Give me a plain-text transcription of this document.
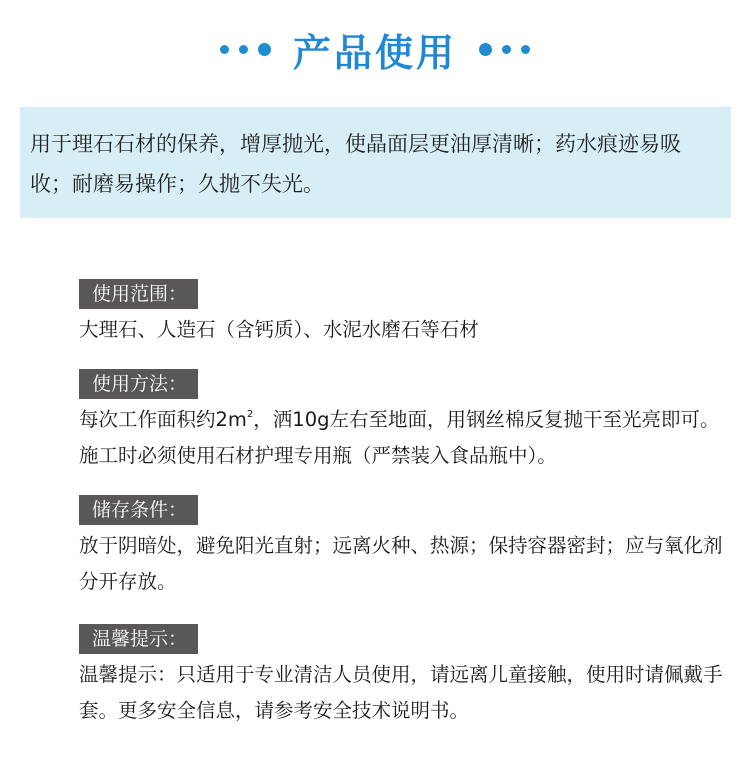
产品使用
用于理石石材的保养，增厚抛光，使晶面层更油厚清晰；药水痕迹易吸收；耐磨易操作；久抛不失光。
使用范围：
大理石、人造石（含钙质）、水泥水磨石等石材
使用方法：
每次工作面积约$2m^2$，洒10g左右至地面，用钢丝棉反复抛干至光亮即可。施工时必须使用石材护理专用瓶（严禁装入食品瓶中）。
储存条件：
放于阴暗处，避免阳光直射；远离火种、热源；保持容器密封；应与氧化剂分开存放。
温馨提示：
温馨提示：只适用于专业清洁人员使用，请远离儿童接触，使用时请佩戴手套。更多安全信息，请参考安全技术说明书。
